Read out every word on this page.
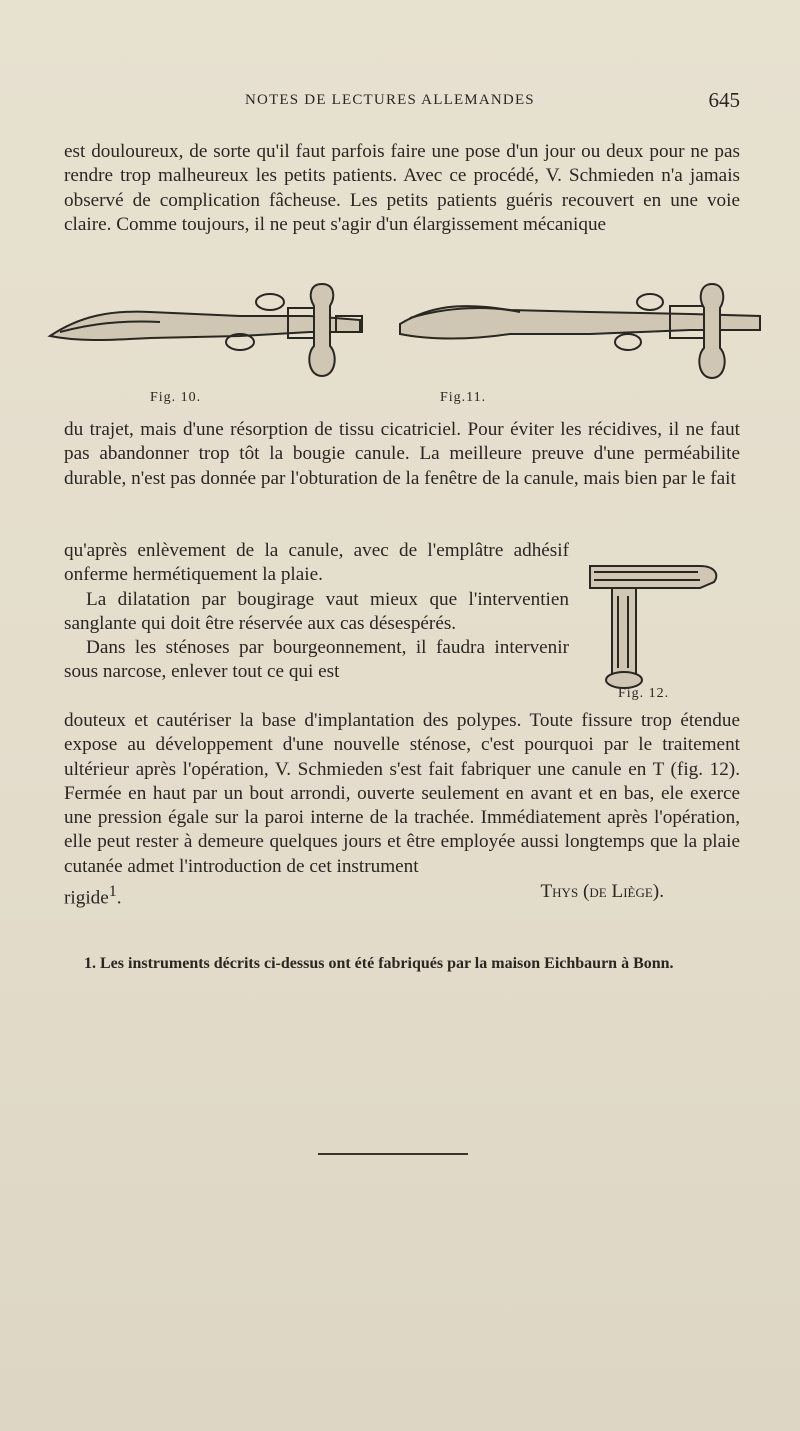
NOTES DE LECTURES ALLEMANDES	645
est douloureux, de sorte qu'il faut parfois faire une pose d'un jour ou deux pour ne pas rendre trop malheureux les petits patients. Avec ce procédé, V. Schmieden n'a jamais observé de complication fâcheuse. Les petits patients guéris recouvert en une voie claire. Comme toujours, il ne peut s'agir d'un élargissement mécanique
Fig. 10.	Fig.11.
du trajet, mais d'une résorption de tissu cicatriciel. Pour éviter les récidives, il ne faut pas abandonner trop tôt la bougie canule. La meilleure preuve d'une perméabilite durable, n'est pas donnée par l'obturation de la fenêtre de la canule, mais bien par le fait
qu'après enlèvement de la canule, avec de l'emplâtre adhésif onferme hermétiquement la plaie.
La dilatation par bougirage vaut mieux que l'interventien sanglante qui doit être réservée aux cas désespérés.
Dans les sténoses par bourgeonnement, il faudra intervenir sous narcose, enlever tout ce qui est
Fig. 12.
douteux et cautériser la base d'implantation des polypes. Toute fissure trop étendue expose au développement d'une nouvelle sténose, c'est pourquoi par le traitement ultérieur après l'opération, V. Schmieden s'est fait fabriquer une canule en T (fig. 12). Fermée en haut par un bout arrondi, ouverte seulement en avant et en bas, ele exerce une pression égale sur la paroi interne de la trachée. Immédiatement après l'opération, elle peut rester à demeure quelques jours et être employée aussi longtemps que la plaie cutanée admet l'introduction de cet instrument
rigide$^1$.	Thys (de Liège).
1. Les instruments décrits ci-dessus ont été fabriqués par la maison Eichbaurn à Bonn.
